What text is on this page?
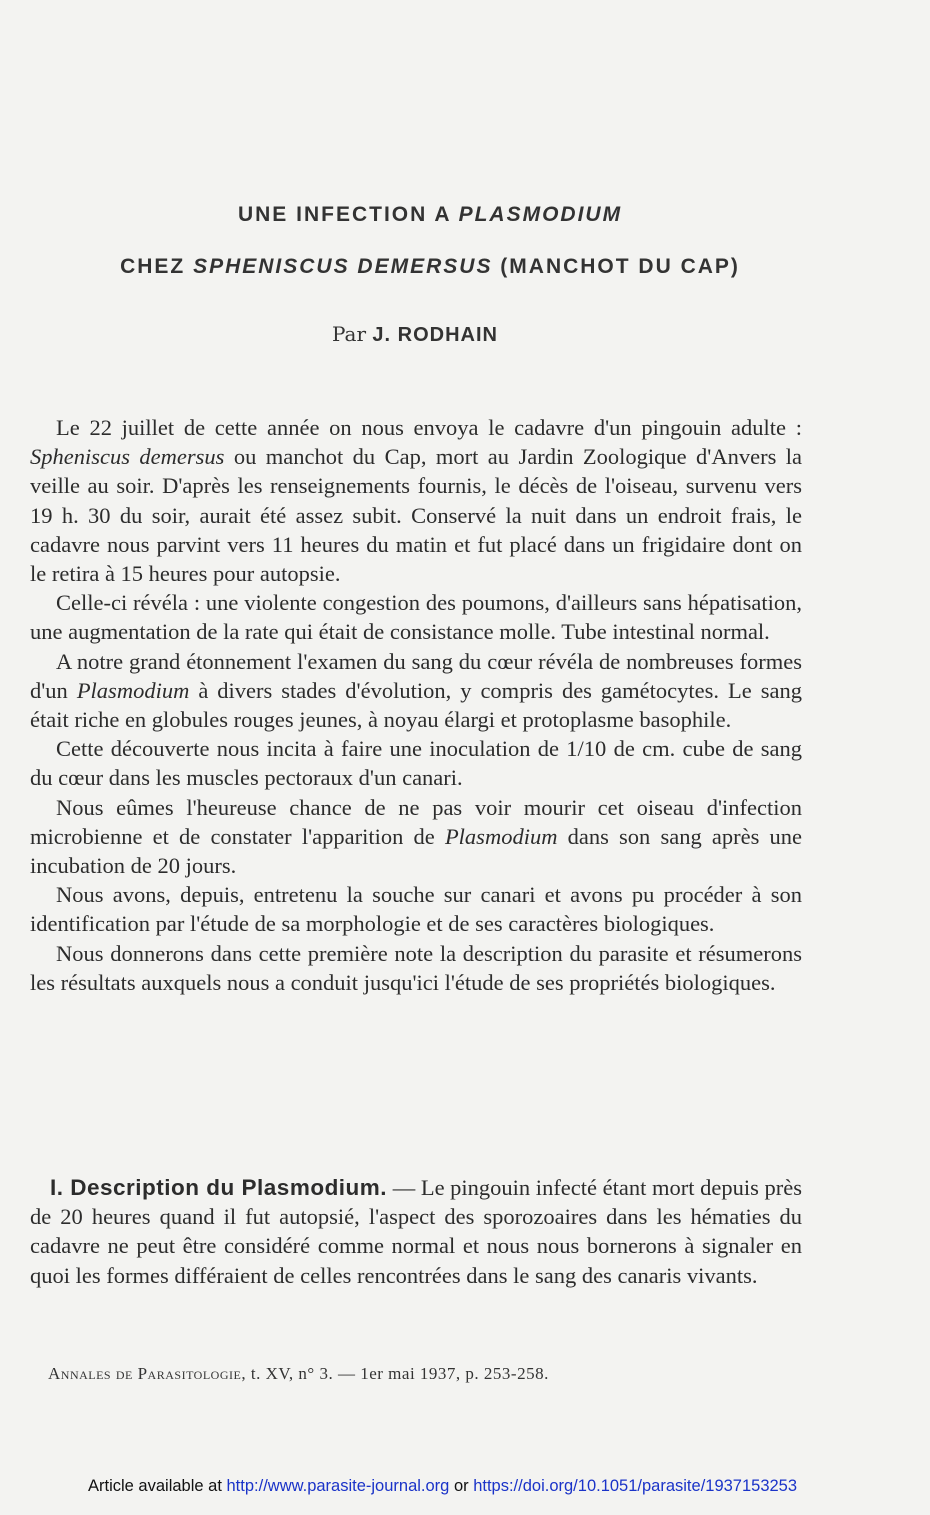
UNE INFECTION A PLASMODIUM
CHEZ SPHENISCUS DEMERSUS (MANCHOT DU CAP)
Par J. RODHAIN

Le 22 juillet de cette année on nous envoya le cadavre d'un pingouin adulte : Spheniscus demersus ou manchot du Cap, mort au Jardin Zoologique d'Anvers la veille au soir. D'après les renseignements fournis, le décès de l'oiseau, survenu vers 19 h. 30 du soir, aurait été assez subit. Conservé la nuit dans un endroit frais, le cadavre nous parvint vers 11 heures du matin et fut placé dans un frigidaire dont on le retira à 15 heures pour autopsie.

Celle-ci révéla : une violente congestion des poumons, d'ailleurs sans hépatisation, une augmentation de la rate qui était de consistance molle. Tube intestinal normal.

A notre grand étonnement l'examen du sang du cœur révéla de nombreuses formes d'un Plasmodium à divers stades d'évolution, y compris des gamétocytes. Le sang était riche en globules rouges jeunes, à noyau élargi et protoplasme basophile.

Cette découverte nous incita à faire une inoculation de 1/10 de cm. cube de sang du cœur dans les muscles pectoraux d'un canari.

Nous eûmes l'heureuse chance de ne pas voir mourir cet oiseau d'infection microbienne et de constater l'apparition de Plasmodium dans son sang après une incubation de 20 jours.

Nous avons, depuis, entretenu la souche sur canari et avons pu procéder à son identification par l'étude de sa morphologie et de ses caractères biologiques.

Nous donnerons dans cette première note la description du parasite et résumerons les résultats auxquels nous a conduit jusqu'ici l'étude de ses propriétés biologiques.

I. Description du Plasmodium. — Le pingouin infecté étant mort depuis près de 20 heures quand il fut autopsié, l'aspect des sporozoaires dans les hématies du cadavre ne peut être considéré comme normal et nous nous bornerons à signaler en quoi les formes différaient de celles rencontrées dans le sang des canaris vivants.

Annales de Parasitologie, t. XV, n° 3. — 1er mai 1937, p. 253-258.
Article available at http://www.parasite-journal.org or https://doi.org/10.1051/parasite/1937153253
